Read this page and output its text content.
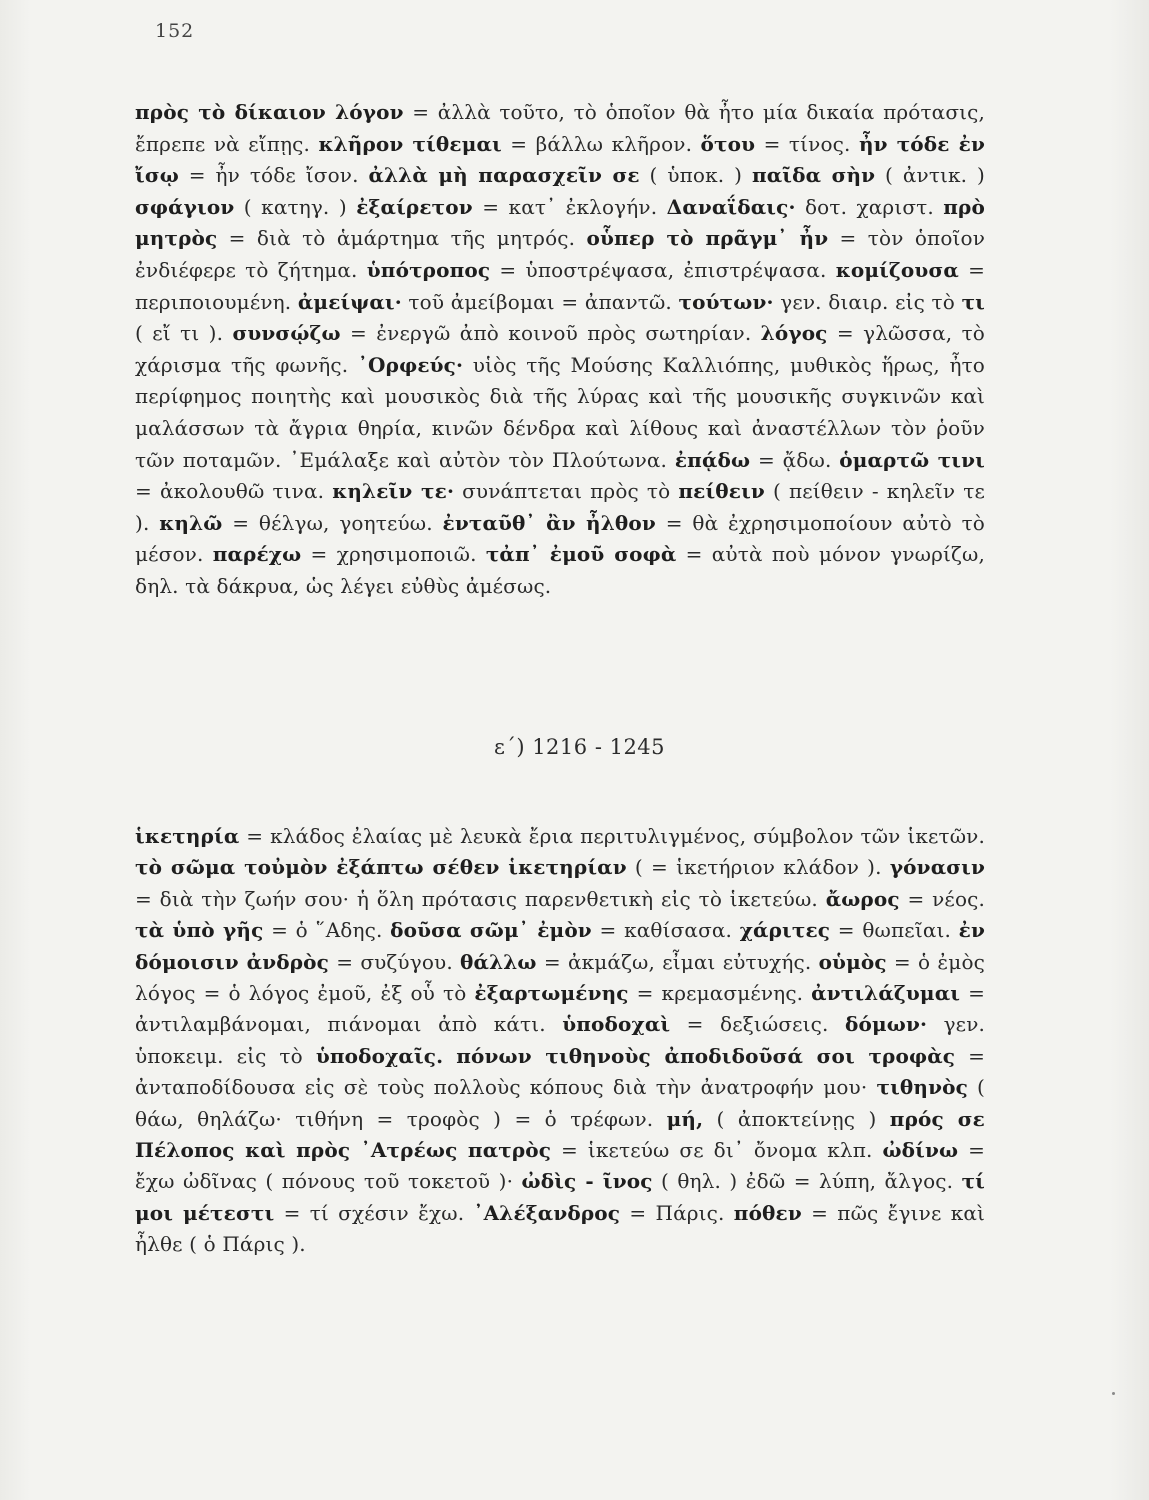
152

πρὸς τὸ δίκαιον λόγον = ἀλλὰ τοῦτο, τὸ ὁποῖον θὰ ἦτο μία δικαία πρότασις, ἔπρεπε νὰ εἴπῃς. κλῆρον τίθεμαι = βάλλω κλῆρον. ὅτου = τίνος. ἦν τόδε ἐν ἴσῳ = ἦν τόδε ἴσον. ἀλλὰ μὴ παρασχεῖν σε ( ὑποκ. ) παῖδα σὴν ( ἀντικ. ) σφάγιον ( κατηγ. ) ἐξαίρετον = κατ᾽ ἐκλογήν. Δαναΐδαις· δοτ. χαριστ. πρὸ μητρὸς = διὰ τὸ ἁμάρτημα τῆς μητρός. οὗπερ τὸ πρᾶγμ᾽ ἦν = τὸν ὁποῖον ἐνδιέφερε τὸ ζήτημα. ὑπότροπος = ὑποστρέψασα, ἐπιστρέψασα. κομίζουσα = περιποιουμένη. ἀμείψαι· τοῦ ἀμείβομαι = ἀπαντῶ. τούτων· γεν. διαιρ. εἰς τὸ τι ( εἴ τι ). συνσῴζω = ἐνεργῶ ἀπὸ κοινοῦ πρὸς σωτηρίαν. λόγος = γλῶσσα, τὸ χάρισμα τῆς φωνῆς. ᾽Ορφεύς· υἱὸς τῆς Μούσης Καλλιόπης, μυθικὸς ἥρως, ἦτο περίφημος ποιητὴς καὶ μουσικὸς διὰ τῆς λύρας καὶ τῆς μουσικῆς συγκινῶν καὶ μαλάσσων τὰ ἄγρια θηρία, κινῶν δένδρα καὶ λίθους καὶ ἀναστέλλων τὸν ῥοῦν τῶν ποταμῶν. ᾽Εμάλαξε καὶ αὐτὸν τὸν Πλούτωνα. ἐπᾴδω = ᾄδω. ὁμαρτῶ τινι = ἀκολουθῶ τινα. κηλεῖν τε· συνάπτεται πρὸς τὸ πείθειν ( πείθειν - κηλεῖν τε ). κηλῶ = θέλγω, γοητεύω. ἐνταῦθ᾽ ἂν ἦλθον = θὰ ἐχρησιμοποίουν αὐτὸ τὸ μέσον. παρέχω = χρησιμοποιῶ. τἀπ᾽ ἐμοῦ σοφὰ = αὐτὰ ποὺ μόνον γνωρίζω, δηλ. τὰ δάκρυα, ὡς λέγει εὐθὺς ἀμέσως.

ε΄) 1216 - 1245

ἱκετηρία = κλάδος ἐλαίας μὲ λευκὰ ἔρια περιτυλιγμένος, σύμβολον τῶν ἱκετῶν. τὸ σῶμα τοὐμὸν ἐξάπτω σέθεν ἱκετηρίαν ( = ἱκετήριον κλάδον ). γόνασιν = διὰ τὴν ζωήν σου· ἡ ὅλη πρότασις παρενθετικὴ εἰς τὸ ἱκετεύω. ἄωρος = νέος. τὰ ὑπὸ γῆς = ὁ ῞Αδης. δοῦσα σῶμ᾽ ἐμὸν = καθίσασα. χάριτες = θωπεῖαι. ἐν δόμοισιν ἀνδρὸς = συζύγου. θάλλω = ἀκμάζω, εἶμαι εὐτυχής. οὑμὸς = ὁ ἐμὸς λόγος = ὁ λόγος ἐμοῦ, ἐξ οὗ τὸ ἐξαρτωμένης = κρεμασμένης. ἀντιλάζυμαι = ἀντιλαμβάνομαι, πιάνομαι ἀπὸ κάτι. ὑποδοχαὶ = δεξιώσεις. δόμων· γεν. ὑποκειμ. εἰς τὸ ὑποδοχαῖς. πόνων τιθηνοὺς ἀποδιδοῦσά σοι τροφὰς = ἀνταποδίδουσα εἰς σὲ τοὺς πολλοὺς κόπους διὰ τὴν ἀνατροφήν μου· τιθηνὸς ( θάω, θηλάζω· τιθήνη = τροφὸς ) = ὁ τρέφων. μή, ( ἀποκτείνῃς ) πρός σε Πέλοπος καὶ πρὸς ᾽Ατρέως πατρὸς = ἱκετεύω σε δι᾽ ὄνομα κλπ. ὠδίνω = ἔχω ὠδῖνας ( πόνους τοῦ τοκετοῦ )· ὠδὶς - ῖνος ( θηλ. ) ἐδῶ = λύπη, ἄλγος. τί μοι μέτεστι = τί σχέσιν ἔχω. ᾽Αλέξανδρος = Πάρις. πόθεν = πῶς ἔγινε καὶ ἦλθε ( ὁ Πάρις ).
